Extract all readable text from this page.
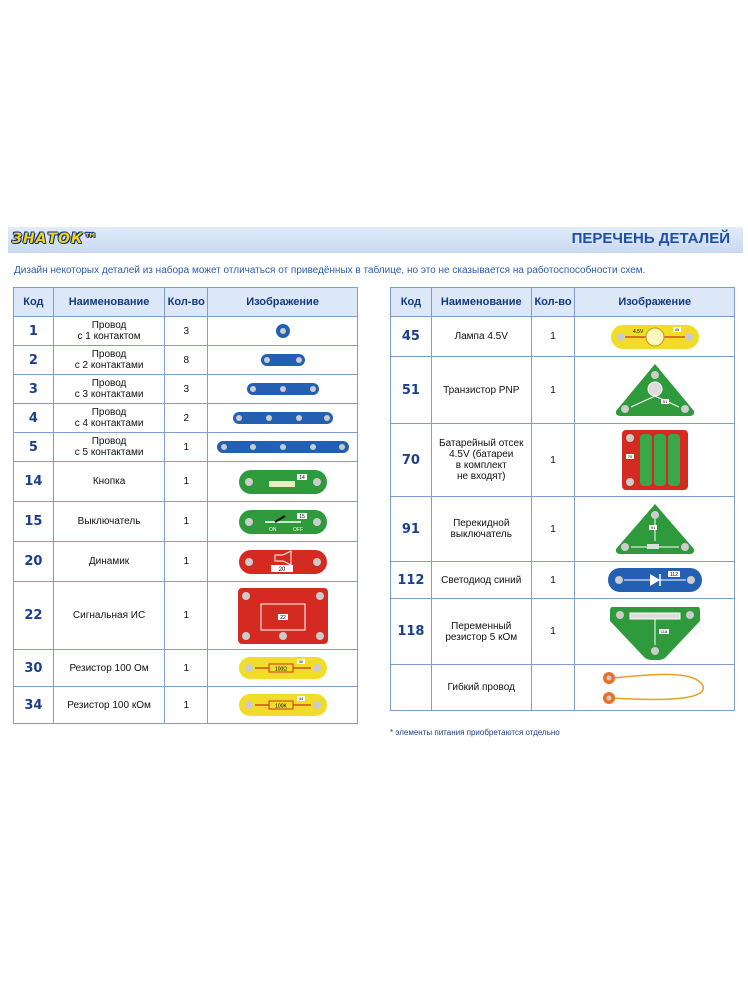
ЗНАТОК™	ПЕРЕЧЕНЬ ДЕТАЛЕЙ
Дизайн некоторых деталей из набора может отличаться от приведённых в таблице, но это не сказывается на работоспособности схем.
Код	Наименование	Кол-во	Изображение
1	Провод
с 1 контактом	3	

2	Провод
с 2 контактами	8	

3	Провод
с 3 контактами	3	

4	Провод
с 4 контактами	2	

5	Провод
с 5 контактами	1	

14	Кнопка	1	14

15	Выключатель	1	15
ON OFF

20	Динамик	1	20

22	Сигнальная ИС	1	22

30	Резистор 100 Ом	1	100Ω
30

34	Резистор 100 кОм	1	100K
34
Код	Наименование	Кол-во	Изображение
45	Лампа 4.5V	1	4.5V 45

51	Транзистор PNP	1	51

70	Батарейный отсек
4.5V (батареи
в комплект
не входят)	1	70

91	Перекидной
выключатель	1	91

112	Светодиод синий	1	112

118	Переменный
резистор 5 кОм	1	118

	Гибкий провод		
* элементы питания приобретаются отдельно
